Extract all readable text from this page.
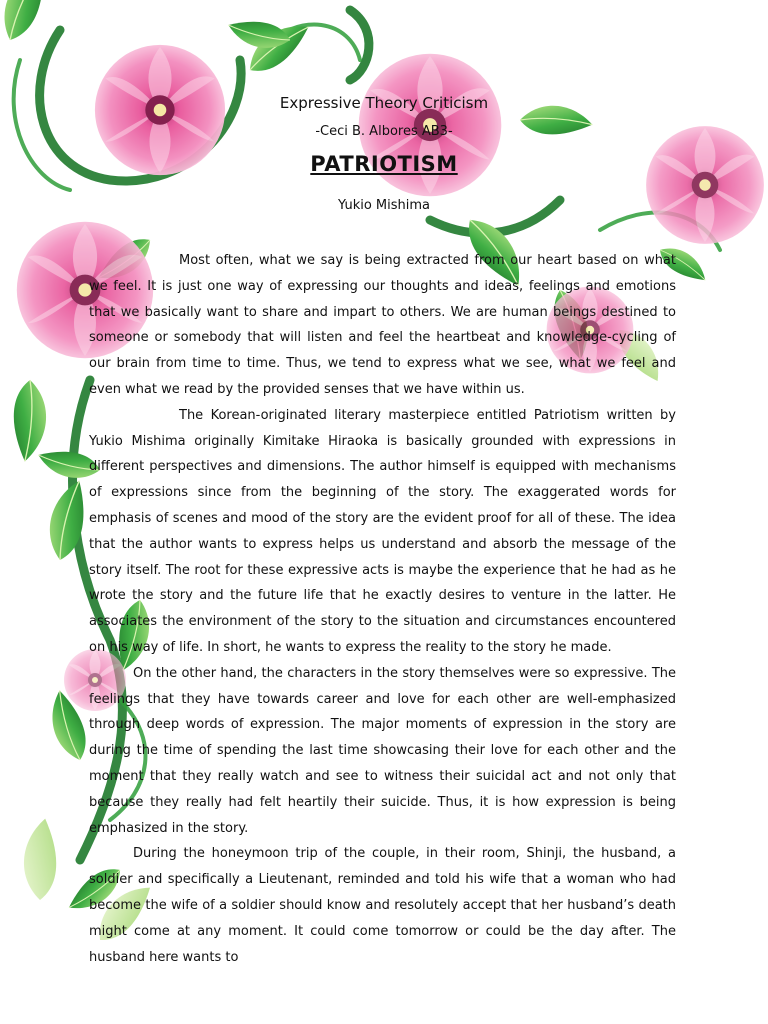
Expressive Theory Criticism
-Ceci B. Albores AB3-
PATRIOTISM
Yukio Mishima

Most often, what we say is being extracted from our heart based on what we feel. It is just one way of expressing our thoughts and ideas, feelings and emotions that we basically want to share and impart to others. We are human beings destined to someone or somebody that will listen and feel the heartbeat and knowledge-cycling of our brain from time to time. Thus, we tend to express what we see, what we feel and even what we read by the provided senses that we have within us.

The Korean-originated literary masterpiece entitled Patriotism written by Yukio Mishima originally Kimitake Hiraoka is basically grounded with expressions in different perspectives and dimensions. The author himself is equipped with mechanisms of expressions since from the beginning of the story. The exaggerated words for emphasis of scenes and mood of the story are the evident proof for all of these. The idea that the author wants to express helps us understand and absorb the message of the story itself. The root for these expressive acts is maybe the experience that he had as he wrote the story and the future life that he exactly desires to venture in the latter. He associates the environment of the story to the situation and circumstances encountered on his way of life. In short, he wants to express the reality to the story he made.

On the other hand, the characters in the story themselves were so expressive. The feelings that they have towards career and love for each other are well-emphasized through deep words of expression. The major moments of expression in the story are during the time of spending the last time showcasing their love for each other and the moment that they really watch and see to witness their suicidal act and not only that because they really had felt heartily their suicide. Thus, it is how expression is being emphasized in the story.

During the honeymoon trip of the couple, in their room, Shinji, the husband, a soldier and specifically a Lieutenant, reminded and told his wife that a woman who had become the wife of a soldier should know and resolutely accept that her husband’s death might come at any moment. It could come tomorrow or could be the day after. The husband here wants to
